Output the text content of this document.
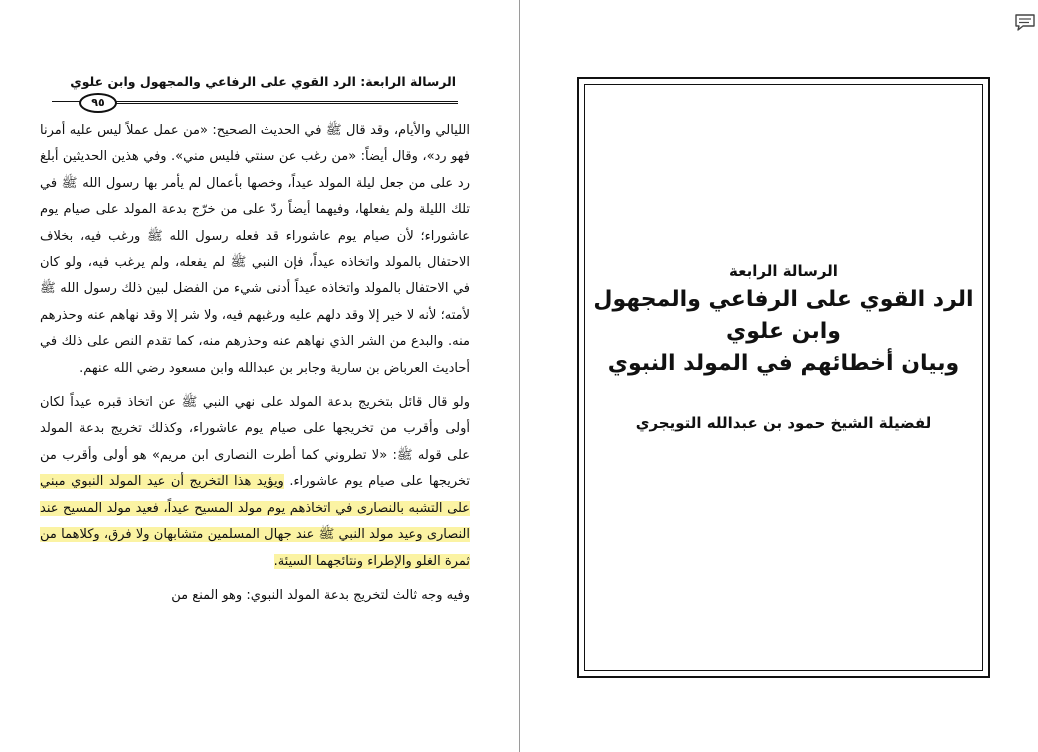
الرسالة الرابعة: الرد القوي على الرفاعي والمجهول وابن علوي
٩٥

الليالي والأيام، وقد قال ﷺ في الحديث الصحيح: «من عمل عملاً ليس عليه أمرنا فهو رد»، وقال أيضاً: «من رغب عن سنتي فليس مني». وفي هذين الحديثين أبلغ رد على من جعل ليلة المولد عيداً، وخصها بأعمال لم يأمر بها رسول الله ﷺ في تلك الليلة ولم يفعلها، وفيهما أيضاً ردّ على من خرّج بدعة المولد على صيام يوم عاشوراء؛ لأن صيام يوم عاشوراء قد فعله رسول الله ﷺ ورغب فيه، بخلاف الاحتفال بالمولد واتخاذه عيداً، فإن النبي ﷺ لم يفعله، ولم يرغب فيه، ولو كان في الاحتفال بالمولد واتخاذه عيداً أدنى شيء من الفضل لبين ذلك رسول الله ﷺ لأمته؛ لأنه لا خير إلا وقد دلهم عليه ورغبهم فيه، ولا شر إلا وقد نهاهم عنه وحذرهم منه. والبدع من الشر الذي نهاهم عنه وحذرهم منه، كما تقدم النص على ذلك في أحاديث العرباض بن سارية وجابر بن عبدالله وابن مسعود رضي الله عنهم.

ولو قال قائل بتخريج بدعة المولد على نهي النبي ﷺ عن اتخاذ قبره عيداً لكان أولى وأقرب من تخريجها على صيام يوم عاشوراء، وكذلك تخريج بدعة المولد على قوله ﷺ: «لا تطروني كما أطرت النصارى ابن مريم» هو أولى وأقرب من تخريجها على صيام يوم عاشوراء. ويؤيد هذا التخريج أن عيد المولد النبوي مبني على التشبه بالنصارى في اتخاذهم يوم مولد المسيح عيداً، فعيد مولد المسيح عند النصارى وعيد مولد النبي ﷺ عند جهال المسلمين متشابهان ولا فرق، وكلاهما من ثمرة الغلو والإطراء ونتائجهما السيئة.

وفيه وجه ثالث لتخريج بدعة المولد النبوي: وهو المنع من

الرسالة الرابعة
الرد القوي على الرفاعي والمجهول وابن علوي
وبيان أخطائهم في المولد النبوي
لفضيلة الشيخ حمود بن عبدالله التويجري
